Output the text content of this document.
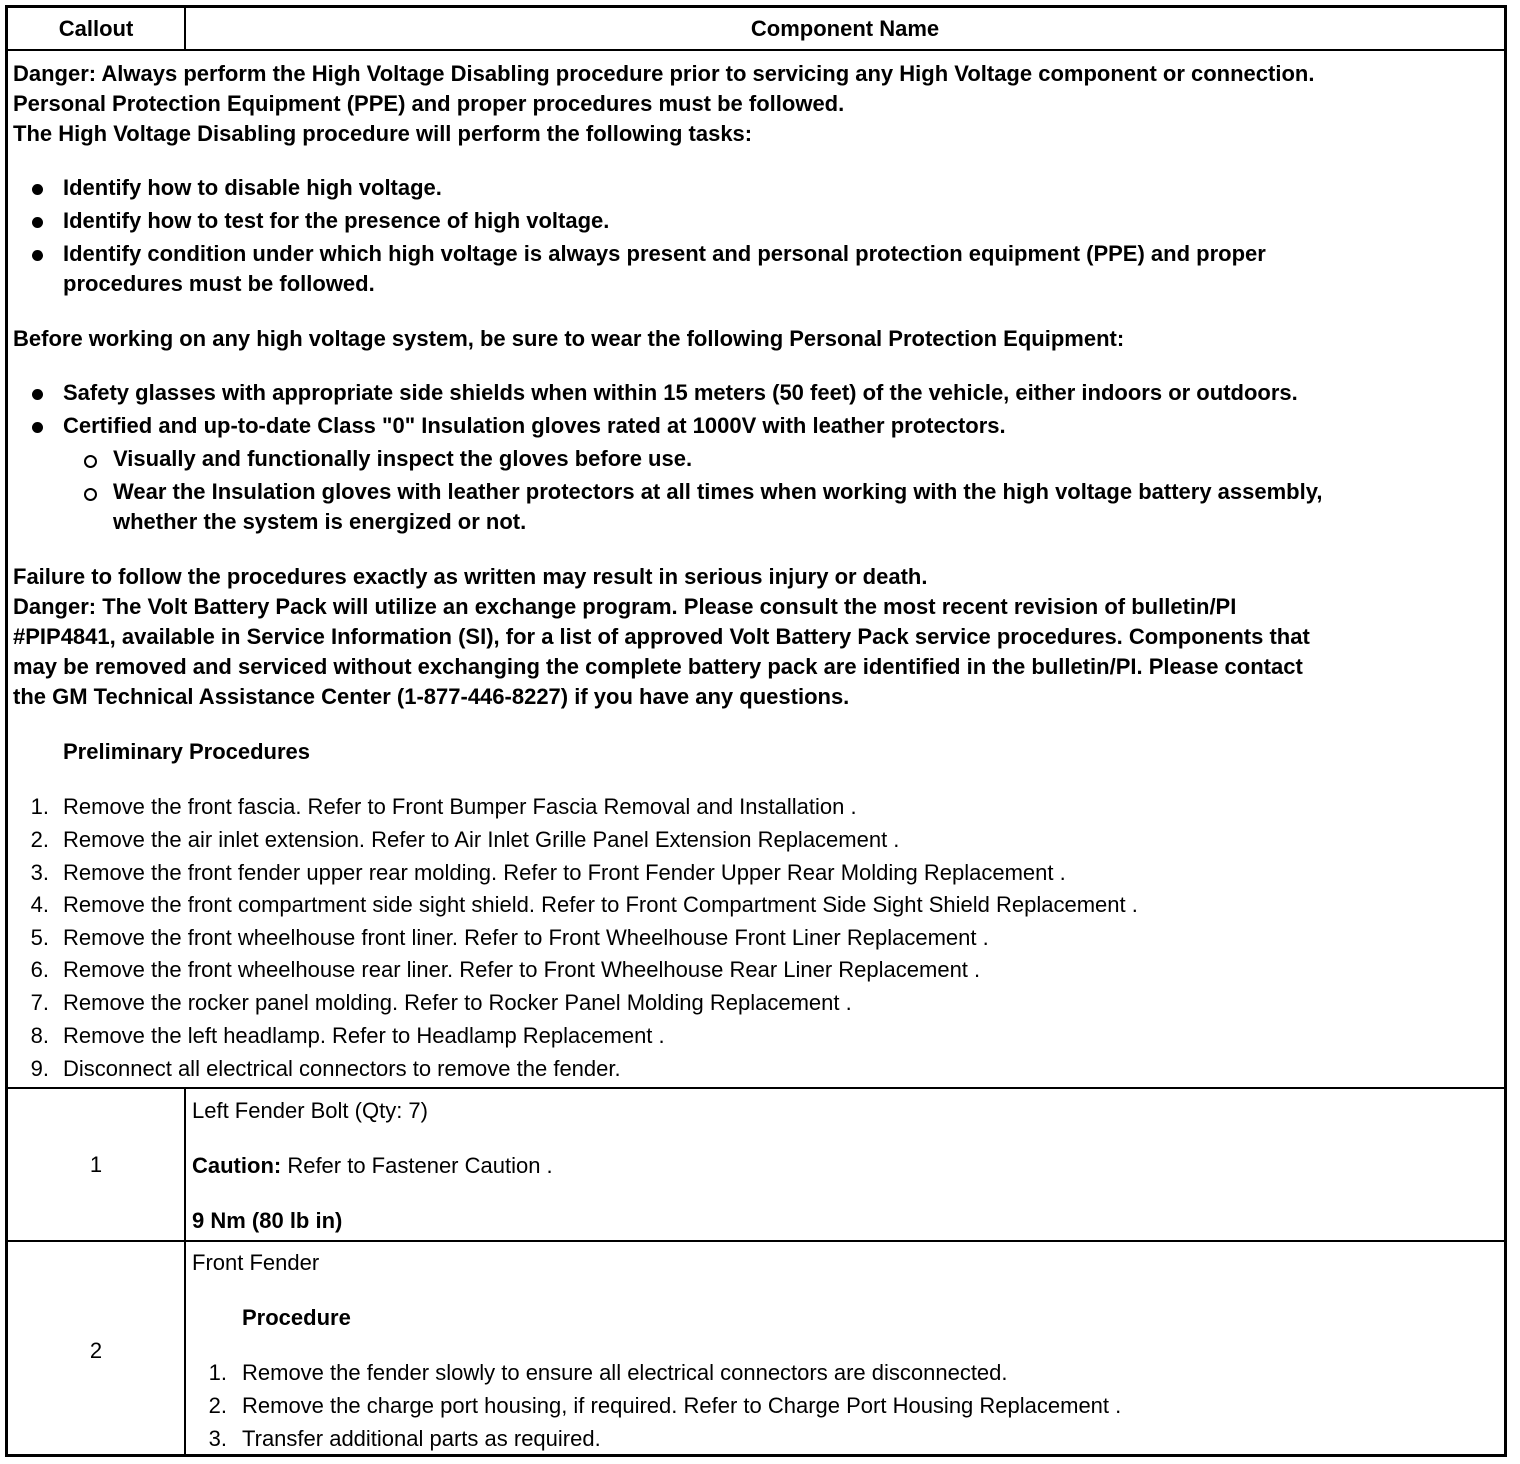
Callout	Component Name
Danger: Always perform the High Voltage Disabling procedure prior to servicing any High Voltage component or connection.
Personal Protection Equipment (PPE) and proper procedures must be followed.
The High Voltage Disabling procedure will perform the following tasks:
Identify how to disable high voltage.
Identify how to test for the presence of high voltage.
Identify condition under which high voltage is always present and personal protection equipment (PPE) and proper
procedures must be followed.
Before working on any high voltage system, be sure to wear the following Personal Protection Equipment:
Safety glasses with appropriate side shields when within 15 meters (50 feet) of the vehicle, either indoors or outdoors.
Certified and up-to-date Class "0" Insulation gloves rated at 1000V with leather protectors.
Visually and functionally inspect the gloves before use.
Wear the Insulation gloves with leather protectors at all times when working with the high voltage battery assembly,
whether the system is energized or not.
Failure to follow the procedures exactly as written may result in serious injury or death.
Danger: The Volt Battery Pack will utilize an exchange program. Please consult the most recent revision of bulletin/PI
#PIP4841, available in Service Information (SI), for a list of approved Volt Battery Pack service procedures. Components that
may be removed and serviced without exchanging the complete battery pack are identified in the bulletin/PI. Please contact
the GM Technical Assistance Center (1-877-446-8227) if you have any questions.
Preliminary Procedures
1. Remove the front fascia. Refer to Front Bumper Fascia Removal and Installation .
2. Remove the air inlet extension. Refer to Air Inlet Grille Panel Extension Replacement .
3. Remove the front fender upper rear molding. Refer to Front Fender Upper Rear Molding Replacement .
4. Remove the front compartment side sight shield. Refer to Front Compartment Side Sight Shield Replacement .
5. Remove the front wheelhouse front liner. Refer to Front Wheelhouse Front Liner Replacement .
6. Remove the front wheelhouse rear liner. Refer to Front Wheelhouse Rear Liner Replacement .
7. Remove the rocker panel molding. Refer to Rocker Panel Molding Replacement .
8. Remove the left headlamp. Refer to Headlamp Replacement .
9. Disconnect all electrical connectors to remove the fender.
1
Left Fender Bolt (Qty: 7)
Caution: Refer to Fastener Caution .
9 Nm (80 lb in)
2
Front Fender
Procedure
1. Remove the fender slowly to ensure all electrical connectors are disconnected.
2. Remove the charge port housing, if required. Refer to Charge Port Housing Replacement .
3. Transfer additional parts as required.
